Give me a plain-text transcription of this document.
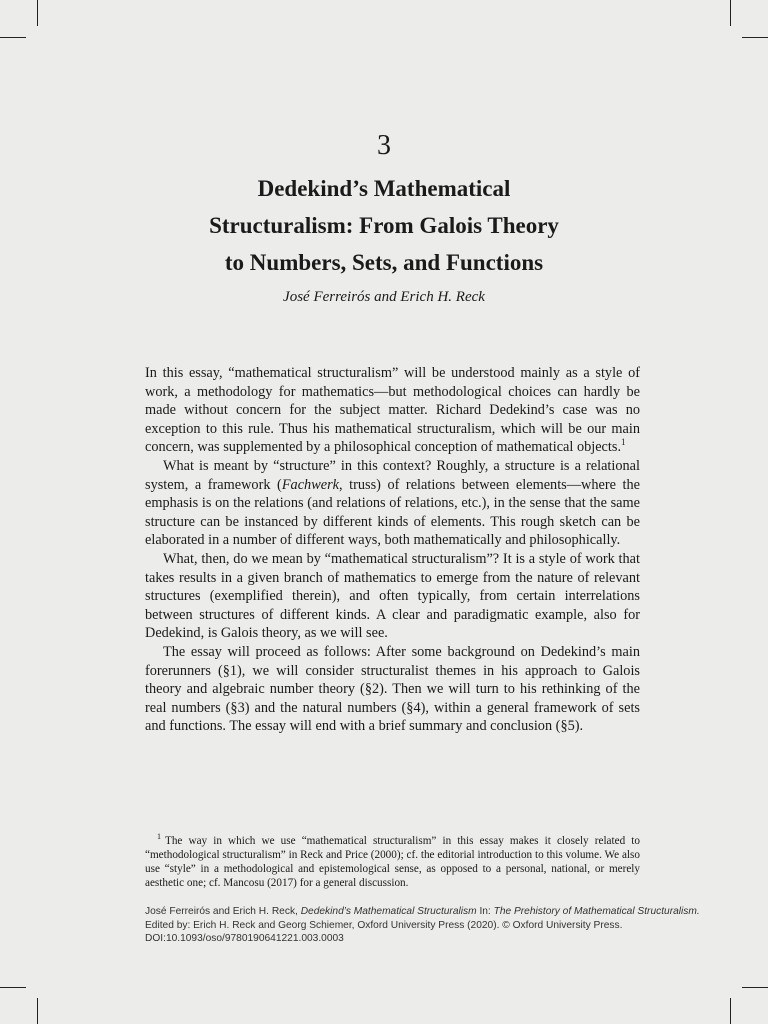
3
Dedekind’s Mathematical
Structuralism: From Galois Theory
to Numbers, Sets, and Functions
José Ferreirós and Erich H. Reck

In this essay, “mathematical structuralism” will be understood mainly as a style of work, a methodology for mathematics—but methodological choices can hardly be made without concern for the subject matter. Richard Dedekind’s case was no exception to this rule. Thus his mathematical structuralism, which will be our main concern, was supplemented by a philosophical conception of mathematical objects.$^1$

What is meant by “structure” in this context? Roughly, a structure is a relational system, a framework (Fachwerk, truss) of relations between elements—where the emphasis is on the relations (and relations of relations, etc.), in the sense that the same structure can be instanced by different kinds of elements. This rough sketch can be elaborated in a number of different ways, both mathematically and philosophically.

What, then, do we mean by “mathematical structuralism”? It is a style of work that takes results in a given branch of mathematics to emerge from the nature of relevant structures (exemplified therein), and often typically, from certain interrelations between structures of different kinds. A clear and paradigmatic example, also for Dedekind, is Galois theory, as we will see.

The essay will proceed as follows: After some background on Dedekind’s main forerunners (§1), we will consider structuralist themes in his approach to Galois theory and algebraic number theory (§2). Then we will turn to his rethinking of the real numbers (§3) and the natural numbers (§4), within a general framework of sets and functions. The essay will end with a brief summary and conclusion (§5).

$^1$ The way in which we use “mathematical structuralism” in this essay makes it closely related to “methodological structuralism” in Reck and Price (2000); cf. the editorial introduction to this volume. We also use “style” in a methodological and epistemological sense, as opposed to a personal, national, or merely aesthetic one; cf. Mancosu (2017) for a general discussion.
José Ferreirós and Erich H. Reck, Dedekind’s Mathematical Structuralism In: The Prehistory of Mathematical Structuralism.
Edited by: Erich H. Reck and Georg Schiemer, Oxford University Press (2020). © Oxford University Press.
DOI:10.1093/oso/9780190641221.003.0003
